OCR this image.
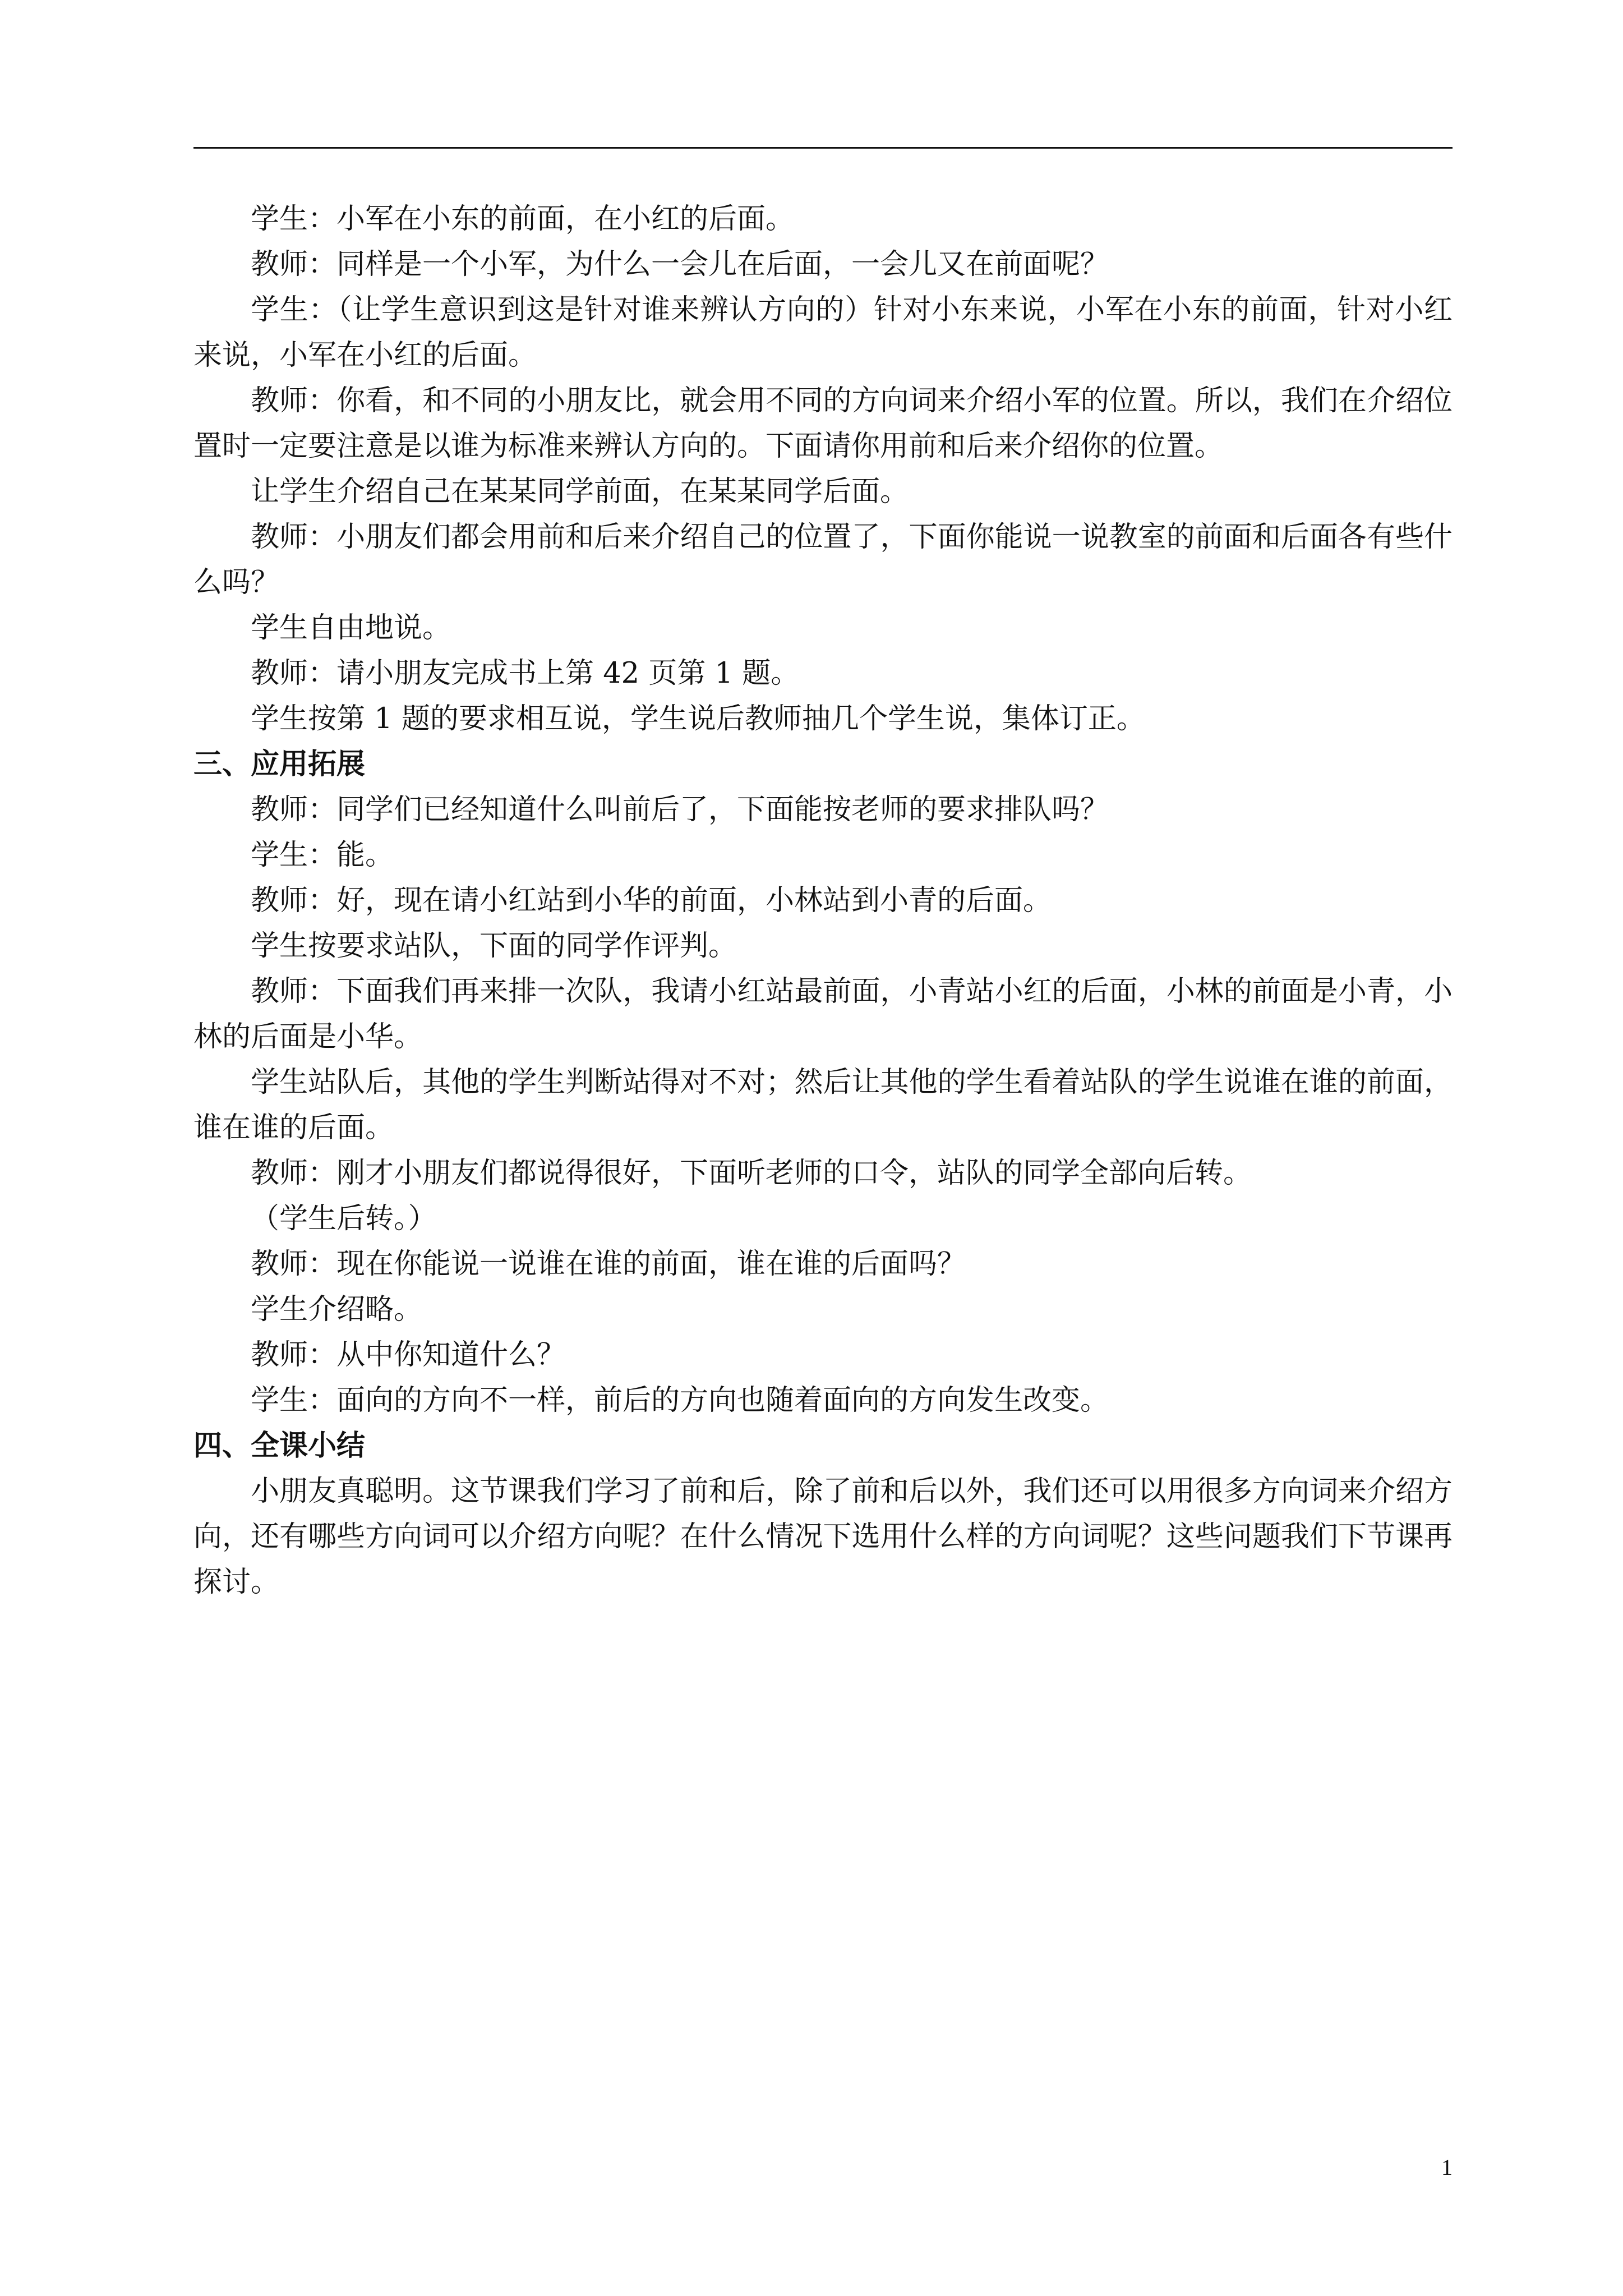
学生：小军在小东的前面，在小红的后面。

教师：同样是一个小军，为什么一会儿在后面，一会儿又在前面呢？

学生：（让学生意识到这是针对谁来辨认方向的）针对小东来说，小军在小东的前面，针对小红来说，小军在小红的后面。

教师：你看，和不同的小朋友比，就会用不同的方向词来介绍小军的位置。所以，我们在介绍位置时一定要注意是以谁为标准来辨认方向的。下面请你用前和后来介绍你的位置。

让学生介绍自己在某某同学前面，在某某同学后面。

教师：小朋友们都会用前和后来介绍自己的位置了，下面你能说一说教室的前面和后面各有些什么吗？

学生自由地说。

教师：请小朋友完成书上第 42 页第 1 题。

学生按第 1 题的要求相互说，学生说后教师抽几个学生说，集体订正。

三、应用拓展

教师：同学们已经知道什么叫前后了，下面能按老师的要求排队吗？

学生：能。

教师：好，现在请小红站到小华的前面，小林站到小青的后面。

学生按要求站队，下面的同学作评判。

教师：下面我们再来排一次队，我请小红站最前面，小青站小红的后面，小林的前面是小青，小林的后面是小华。

学生站队后，其他的学生判断站得对不对；然后让其他的学生看着站队的学生说谁在谁的前面，谁在谁的后面。

教师：刚才小朋友们都说得很好，下面听老师的口令，站队的同学全部向后转。

（学生后转。）

教师：现在你能说一说谁在谁的前面，谁在谁的后面吗？

学生介绍略。

教师：从中你知道什么？

学生：面向的方向不一样，前后的方向也随着面向的方向发生改变。

四、全课小结

小朋友真聪明。这节课我们学习了前和后，除了前和后以外，我们还可以用很多方向词来介绍方向，还有哪些方向词可以介绍方向呢？在什么情况下选用什么样的方向词呢？这些问题我们下节课再探讨。

1
